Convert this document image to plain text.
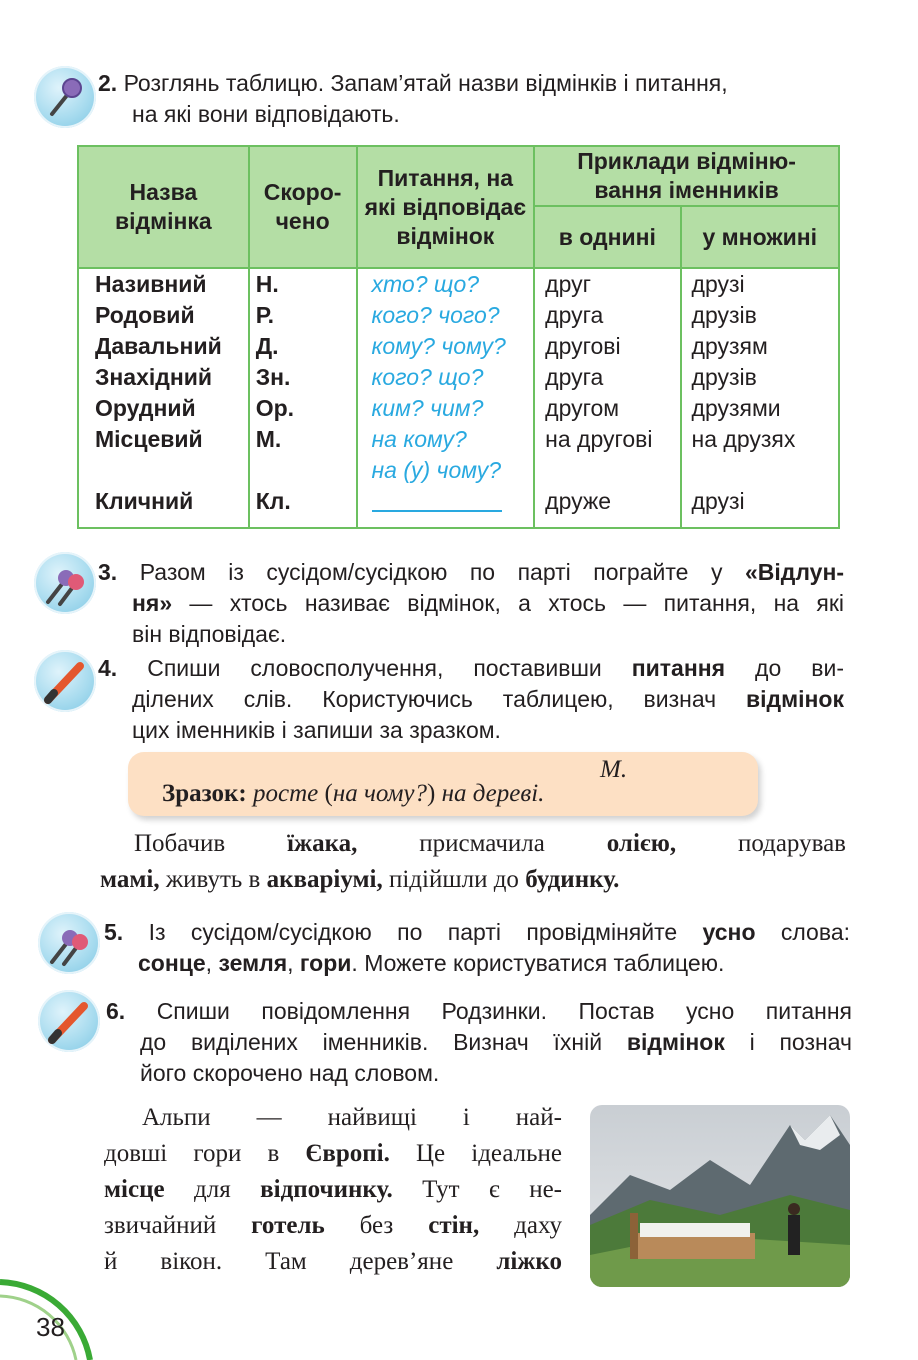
2. Розглянь таблицю. Запам’ятай назви відмінків і питання,
на які вони відповідають.
Назва відмінка	Скоро-
чено	Питання, на які відповідає відмінок	Приклади відміню-
вання іменників	
			в однині	у множині
Називний	Н.	хто? що?	друг	друзі
Родовий	Р.	кого? чого?	друга	друзів
Давальний	Д.	кому? чому?	другові	друзям
Знахідний	Зн.	кого? що?	друга	друзів
Орудний	Ор.	ким? чим?	другом	друзями
Місцевий	М.	на кому?
на (у) чому?	на другові	на друзях
Кличний	Кл.		друже	друзі
3. Разом із сусідом/сусідкою по парті пограйте у «Відлун-
ня» — хтось називає відмінок, а хтось — питання, на які
він відповідає.
4. Спиши словосполучення, поставивши питання до ви-
ділених слів. Користуючись таблицею, визнач відмінок
цих іменників і запиши за зразком.
М.
Зразок: росте (на чому?) на дереві.
Побачив їжака, присмачила олією, подарував
мамі, живуть в акваріумі, підійшли до будинку.
5. Із сусідом/сусідкою по парті провідміняйте усно слова:
сонце, земля, гори. Можете користуватися таблицею.
6. Спиши повідомлення Родзинки. Постав усно питання
до виділених іменників. Визнач їхній відмінок і познач
його скорочено над словом.
Альпи — найвищі і най-
довші гори в Європі. Це ідеальне
місце для відпочинку. Тут є не-
звичайний готель без стін, даху
й вікон. Там дерев’яне ліжко
38
